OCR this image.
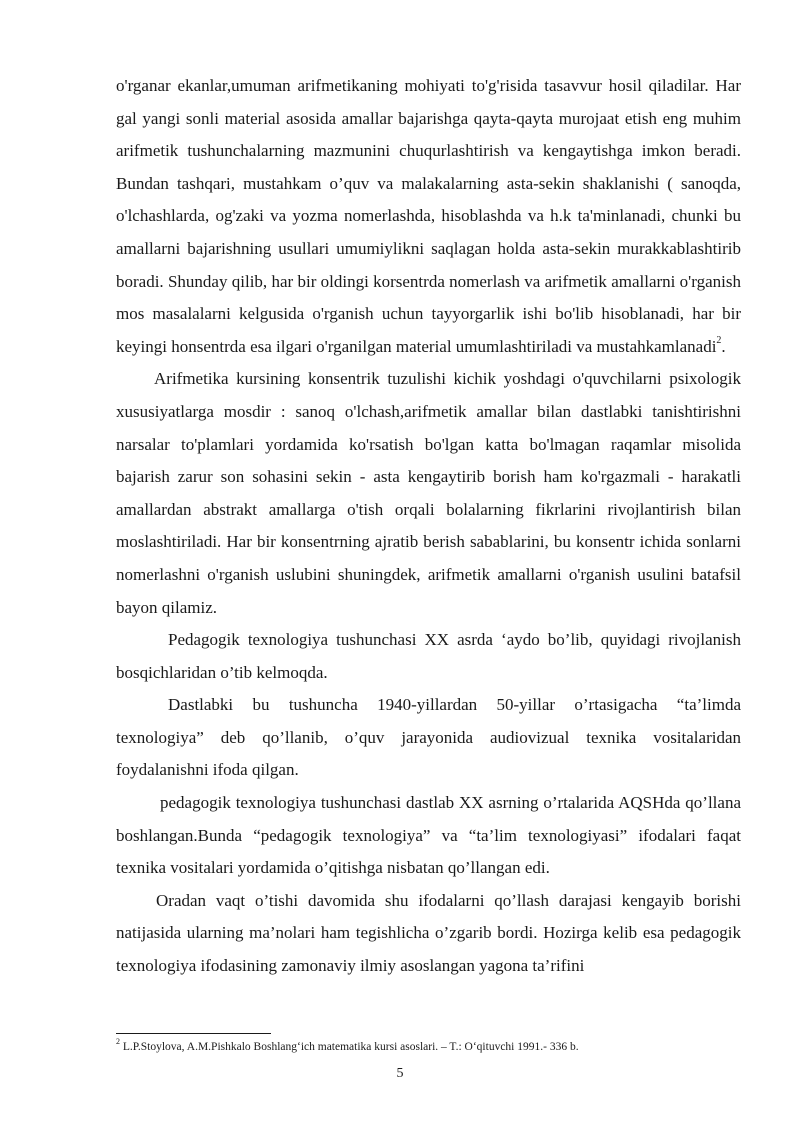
o'rganar ekanlar,umuman arifmetikaning mohiyati to'g'risida tasavvur hosil qiladilar. Har gal yangi sonli material asosida amallar bajarishga qayta-qayta murojaat etish eng muhim arifmetik tushunchalarning mazmunini chuqurlashtirish va kengaytishga imkon beradi. Bundan tashqari, mustahkam o’quv va malakalarning asta-sekin shaklanishi ( sanoqda, o'lchashlarda, og'zaki va yozma nomerlashda, hisoblashda va h.k ta'minlanadi, chunki bu amallarni bajarishning usullari umumiylikni saqlagan holda asta-sekin murakkablashtirib boradi. Shunday qilib, har bir oldingi korsentrda nomerlash va arifmetik amallarni o'rganish mos masalalarni kelgusida o'rganish uchun tayyorgarlik ishi bo'lib hisoblanadi, har bir keyingi honsentrda esa ilgari o'rganilgan material umumlashtiriladi va mustahkamlanadi$^2$.

Arifmetika kursining konsentrik tuzulishi kichik yoshdagi o'quvchilarni psixologik xususiyatlarga mosdir : sanoq o'lchash,arifmetik amallar bilan dastlabki tanishtirishni narsalar to'plamlari yordamida ko'rsatish bo'lgan katta bo'lmagan raqamlar misolida bajarish zarur son sohasini sekin - asta kengaytirib borish ham ko'rgazmali - harakatli amallardan abstrakt amallarga o'tish orqali bolalarning fikrlarini rivojlantirish bilan moslashtiriladi. Har bir konsentrning ajratib berish sabablarini, bu konsentr ichida sonlarni nomerlashni o'rganish uslubini shuningdek, arifmetik amallarni o'rganish usulini batafsil bayon qilamiz.

Pedagogik texnologiya tushunchasi XX asrda ‘aydo bo’lib, quyidagi rivojlanish bosqichlaridan o’tib kelmoqda.

Dastlabki bu tushuncha 1940-yillardan 50-yillar o’rtasigacha “ta’limda texnologiya” deb qo’llanib, o’quv jarayonida audiovizual texnika vositalaridan foydalanishni ifoda qilgan.

pedagogik texnologiya tushunchasi dastlab XX asrning o’rtalarida AQSHda qo’llana boshlangan.Bunda “pedagogik texnologiya” va “ta’lim texnologiyasi” ifodalari faqat texnika vositalari yordamida o’qitishga nisbatan qo’llangan edi.

Oradan vaqt o’tishi davomida shu ifodalarni qo’llash darajasi kengayib borishi natijasida ularning ma’nolari ham tegishlicha o’zgarib bordi. Hozirga kelib esa pedagogik texnologiya ifodasining zamonaviy ilmiy asoslangan yagona ta’rifini

$^2$ L.P.Stoylova, A.M.Pishkalo Boshlang‘ich matematika kursi asoslari. – T.: O‘qituvchi 1991.- 336 b.
5
